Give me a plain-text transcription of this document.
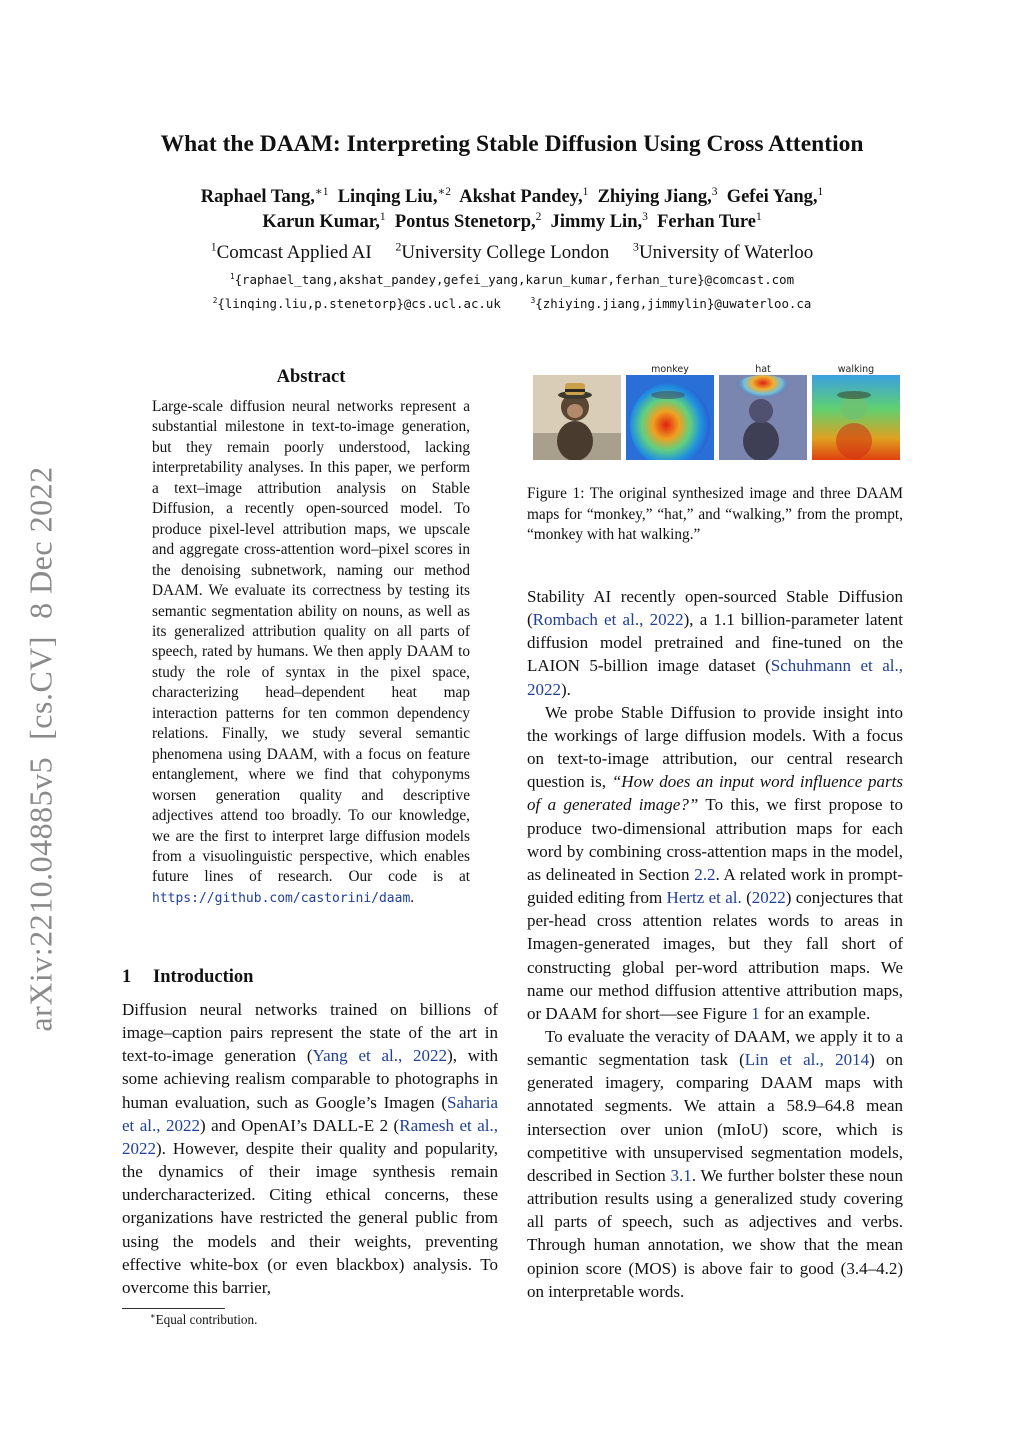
What the DAAM: Interpreting Stable Diffusion Using Cross Attention
Raphael Tang,$^{∗1}$ Linqing Liu,$^{∗2}$ Akshat Pandey,$^1$ Zhiying Jiang,$^3$ Gefei Yang,$^1$
Karun Kumar,$^1$ Pontus Stenetorp,$^2$ Jimmy Lin,$^3$ Ferhan Ture$^1$
$^1$Comcast Applied AI $^2$University College London $^3$University of Waterloo
$^1${raphael_tang,akshat_pandey,gefei_yang,karun_kumar,ferhan_ture}@comcast.com
$^2${linqing.liu,p.stenetorp}@cs.ucl.ac.uk	$^3${zhiying.jiang,jimmylin}@uwaterloo.ca
arXiv:2210.04885v5  [cs.CV]  8 Dec 2022
Abstract
Large-scale diffusion neural networks represent a substantial milestone in text-to-image generation, but they remain poorly understood, lacking interpretability analyses. In this paper, we perform a text–image attribution analysis on Stable Diffusion, a recently open-sourced model. To produce pixel-level attribution maps, we upscale and aggregate cross-attention word–pixel scores in the denoising subnetwork, naming our method DAAM. We evaluate its correctness by testing its semantic segmentation ability on nouns, as well as its generalized attribution quality on all parts of speech, rated by humans. We then apply DAAM to study the role of syntax in the pixel space, characterizing head–dependent heat map interaction patterns for ten common dependency relations. Finally, we study several semantic phenomena using DAAM, with a focus on feature entanglement, where we find that cohyponyms worsen generation quality and descriptive adjectives attend too broadly. To our knowledge, we are the first to interpret large diffusion models from a visuolinguistic perspective, which enables future lines of research. Our code is at https://github.com/castorini/daam.
1 Introduction

Diffusion neural networks trained on billions of image–caption pairs represent the state of the art in text-to-image generation (Yang et al., 2022), with some achieving realism comparable to photographs in human evaluation, such as Google’s Imagen (Saharia et al., 2022) and OpenAI’s DALL-E 2 (Ramesh et al., 2022). However, despite their quality and popularity, the dynamics of their image synthesis remain undercharacterized. Citing ethical concerns, these organizations have restricted the general public from using the models and their weights, preventing effective white-box (or even blackbox) analysis. To overcome this barrier,

∗Equal contribution.
monkey	hat	walking
Figure 1: The original synthesized image and three DAAM maps for “monkey,” “hat,” and “walking,” from the prompt, “monkey with hat walking.”

Stability AI recently open-sourced Stable Diffusion (Rombach et al., 2022), a 1.1 billion-parameter latent diffusion model pretrained and fine-tuned on the LAION 5-billion image dataset (Schuhmann et al., 2022).

We probe Stable Diffusion to provide insight into the workings of large diffusion models. With a focus on text-to-image attribution, our central research question is, “How does an input word influence parts of a generated image?” To this, we first propose to produce two-dimensional attribution maps for each word by combining cross-attention maps in the model, as delineated in Section 2.2. A related work in prompt-guided editing from Hertz et al. (2022) conjectures that per-head cross attention relates words to areas in Imagen-generated images, but they fall short of constructing global per-word attribution maps. We name our method diffusion attentive attribution maps, or DAAM for short—see Figure 1 for an example.

To evaluate the veracity of DAAM, we apply it to a semantic segmentation task (Lin et al., 2014) on generated imagery, comparing DAAM maps with annotated segments. We attain a 58.9–64.8 mean intersection over union (mIoU) score, which is competitive with unsupervised segmentation models, described in Section 3.1. We further bolster these noun attribution results using a generalized study covering all parts of speech, such as adjectives and verbs. Through human annotation, we show that the mean opinion score (MOS) is above fair to good (3.4–4.2) on interpretable words.
